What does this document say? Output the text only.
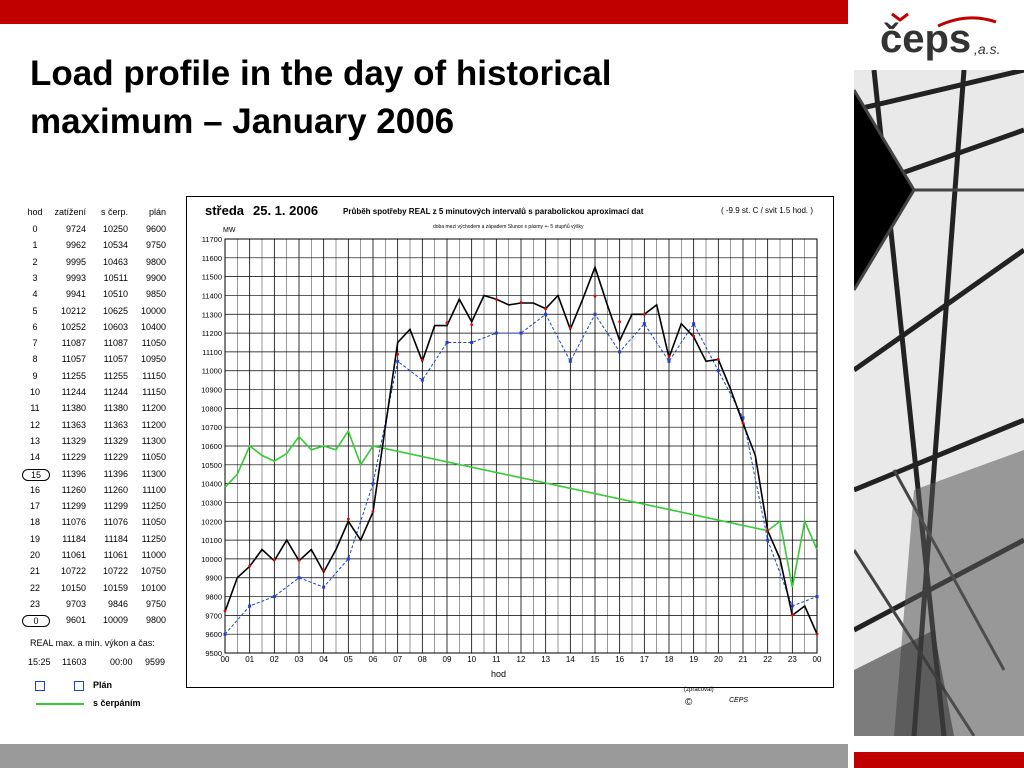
Load profile in the day of historical maximum – January 2006
čeps ,a.s.
hod	zatížení	s čerp.	plán
0	9724	10250	9600
1	9962	10534	9750
2	9995	10463	9800
3	9993	10511	9900
4	9941	10510	9850
5	10212	10625	10000
6	10252	10603	10400
7	11087	11087	11050
8	11057	11057	10950
9	11255	11255	11150
10	11244	11244	11150
11	11380	11380	11200
12	11363	11363	11200
13	11329	11329	11300
14	11229	11229	11050
15	11396	11396	11300
16	11260	11260	11100
17	11299	11299	11250
18	11076	11076	11050
19	11184	11184	11250
20	11061	11061	11000
21	10722	10722	10750
22	10150	10159	10100
23	9703	9846	9750
0	9601	10009	9800
REAL max. a min. výkon a čas:
15:25 11603	00:00 9599
Plán
s čerpáním
středa 25. 1. 2006	Průběh spotřeby REAL z 5 minutových intervalů s parabolickou aproximací dat	( -9.9 st. C / svit 1.5 hod. )
doba mezi východem a západem Slunce s pásmy +- 5 stupňů výšky
MW
hod
(zpracoval)
©	CEPS
9500
9600
9700
9800
9900
10000
10100
10200
10300
10400
10500
10600
10700
10800
10900
11000
11100
11200
11300
11400
11500
11600
11700
00 01 02 03 04 05 06 07 08 09 10 11 12 13 14 15 16 17 18 19 20 21 22 23 00
